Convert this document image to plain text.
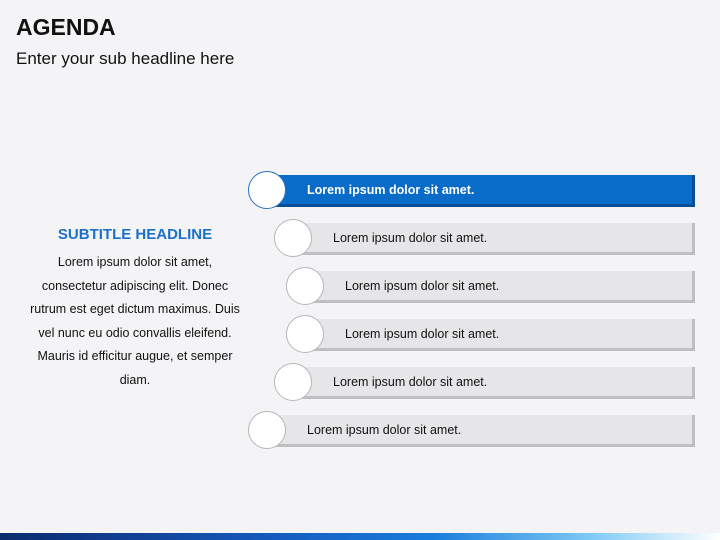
AGENDA
Enter your sub headline here

SUBTITLE HEADLINE

Lorem ipsum dolor sit amet, consectetur adipiscing elit. Donec rutrum est eget dictum maximus. Duis vel nunc eu odio convallis eleifend. Mauris id efficitur augue, et semper diam.

Lorem ipsum dolor sit amet.
Lorem ipsum dolor sit amet.
Lorem ipsum dolor sit amet.
Lorem ipsum dolor sit amet.
Lorem ipsum dolor sit amet.
Lorem ipsum dolor sit amet.
